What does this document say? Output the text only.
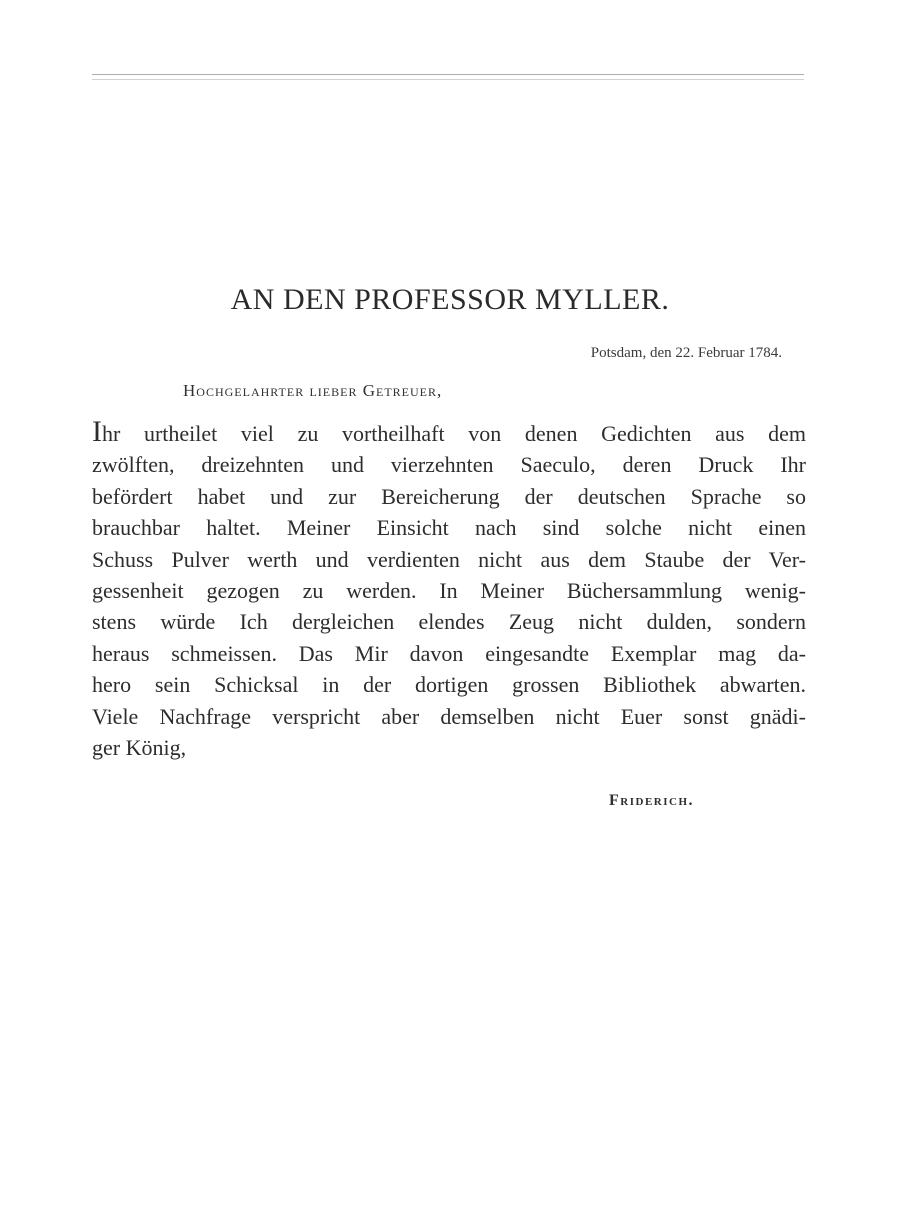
AN DEN PROFESSOR MYLLER.
Potsdam, den 22. Februar 1784.
Hochgelahrter lieber Getreuer,
Ihr urtheilet viel zu vortheilhaft von denen Gedichten aus dem
zwölften, dreizehnten und vierzehnten Saeculo, deren Druck Ihr
befördert habet und zur Bereicherung der deutschen Sprache so
brauchbar haltet. Meiner Einsicht nach sind solche nicht einen
Schuss Pulver werth und verdienten nicht aus dem Staube der Ver-
gessenheit gezogen zu werden. In Meiner Büchersammlung wenig-
stens würde Ich dergleichen elendes Zeug nicht dulden, sondern
heraus schmeissen. Das Mir davon eingesandte Exemplar mag da-
hero sein Schicksal in der dortigen grossen Bibliothek abwarten.
Viele Nachfrage verspricht aber demselben nicht Euer sonst gnädi-
ger König,
Friderich.
